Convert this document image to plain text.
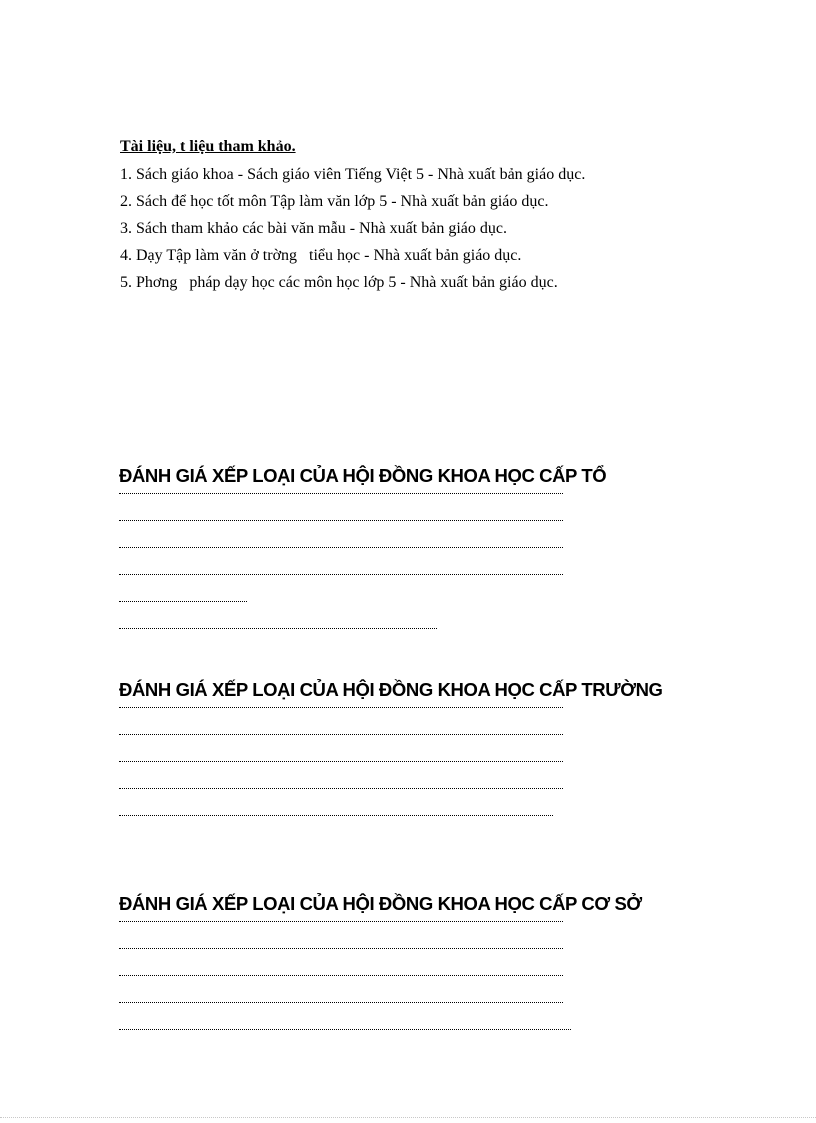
Tài liệu, t liệu tham khảo.
1. Sách giáo khoa - Sách giáo viên Tiếng Việt 5 - Nhà xuất bản giáo dục.
2. Sách để học tốt môn Tập làm văn lớp 5 - Nhà xuất bản giáo dục.
3. Sách tham khảo các bài văn mẫu - Nhà xuất bản giáo dục.
4. Dạy Tập làm văn ở trờng   tiểu học - Nhà xuất bản giáo dục.
5. Phơng   pháp dạy học các môn học lớp 5 - Nhà xuất bản giáo dục.
ĐÁNH GIÁ XẾP LOẠI CỦA HỘI ĐỒNG KHOA HỌC CẤP TỔ
ĐÁNH GIÁ XẾP LOẠI CỦA HỘI ĐỒNG KHOA HỌC CẤP TRƯỜNG
ĐÁNH GIÁ XẾP LOẠI CỦA HỘI ĐỒNG KHOA HỌC CẤP CƠ SỞ
